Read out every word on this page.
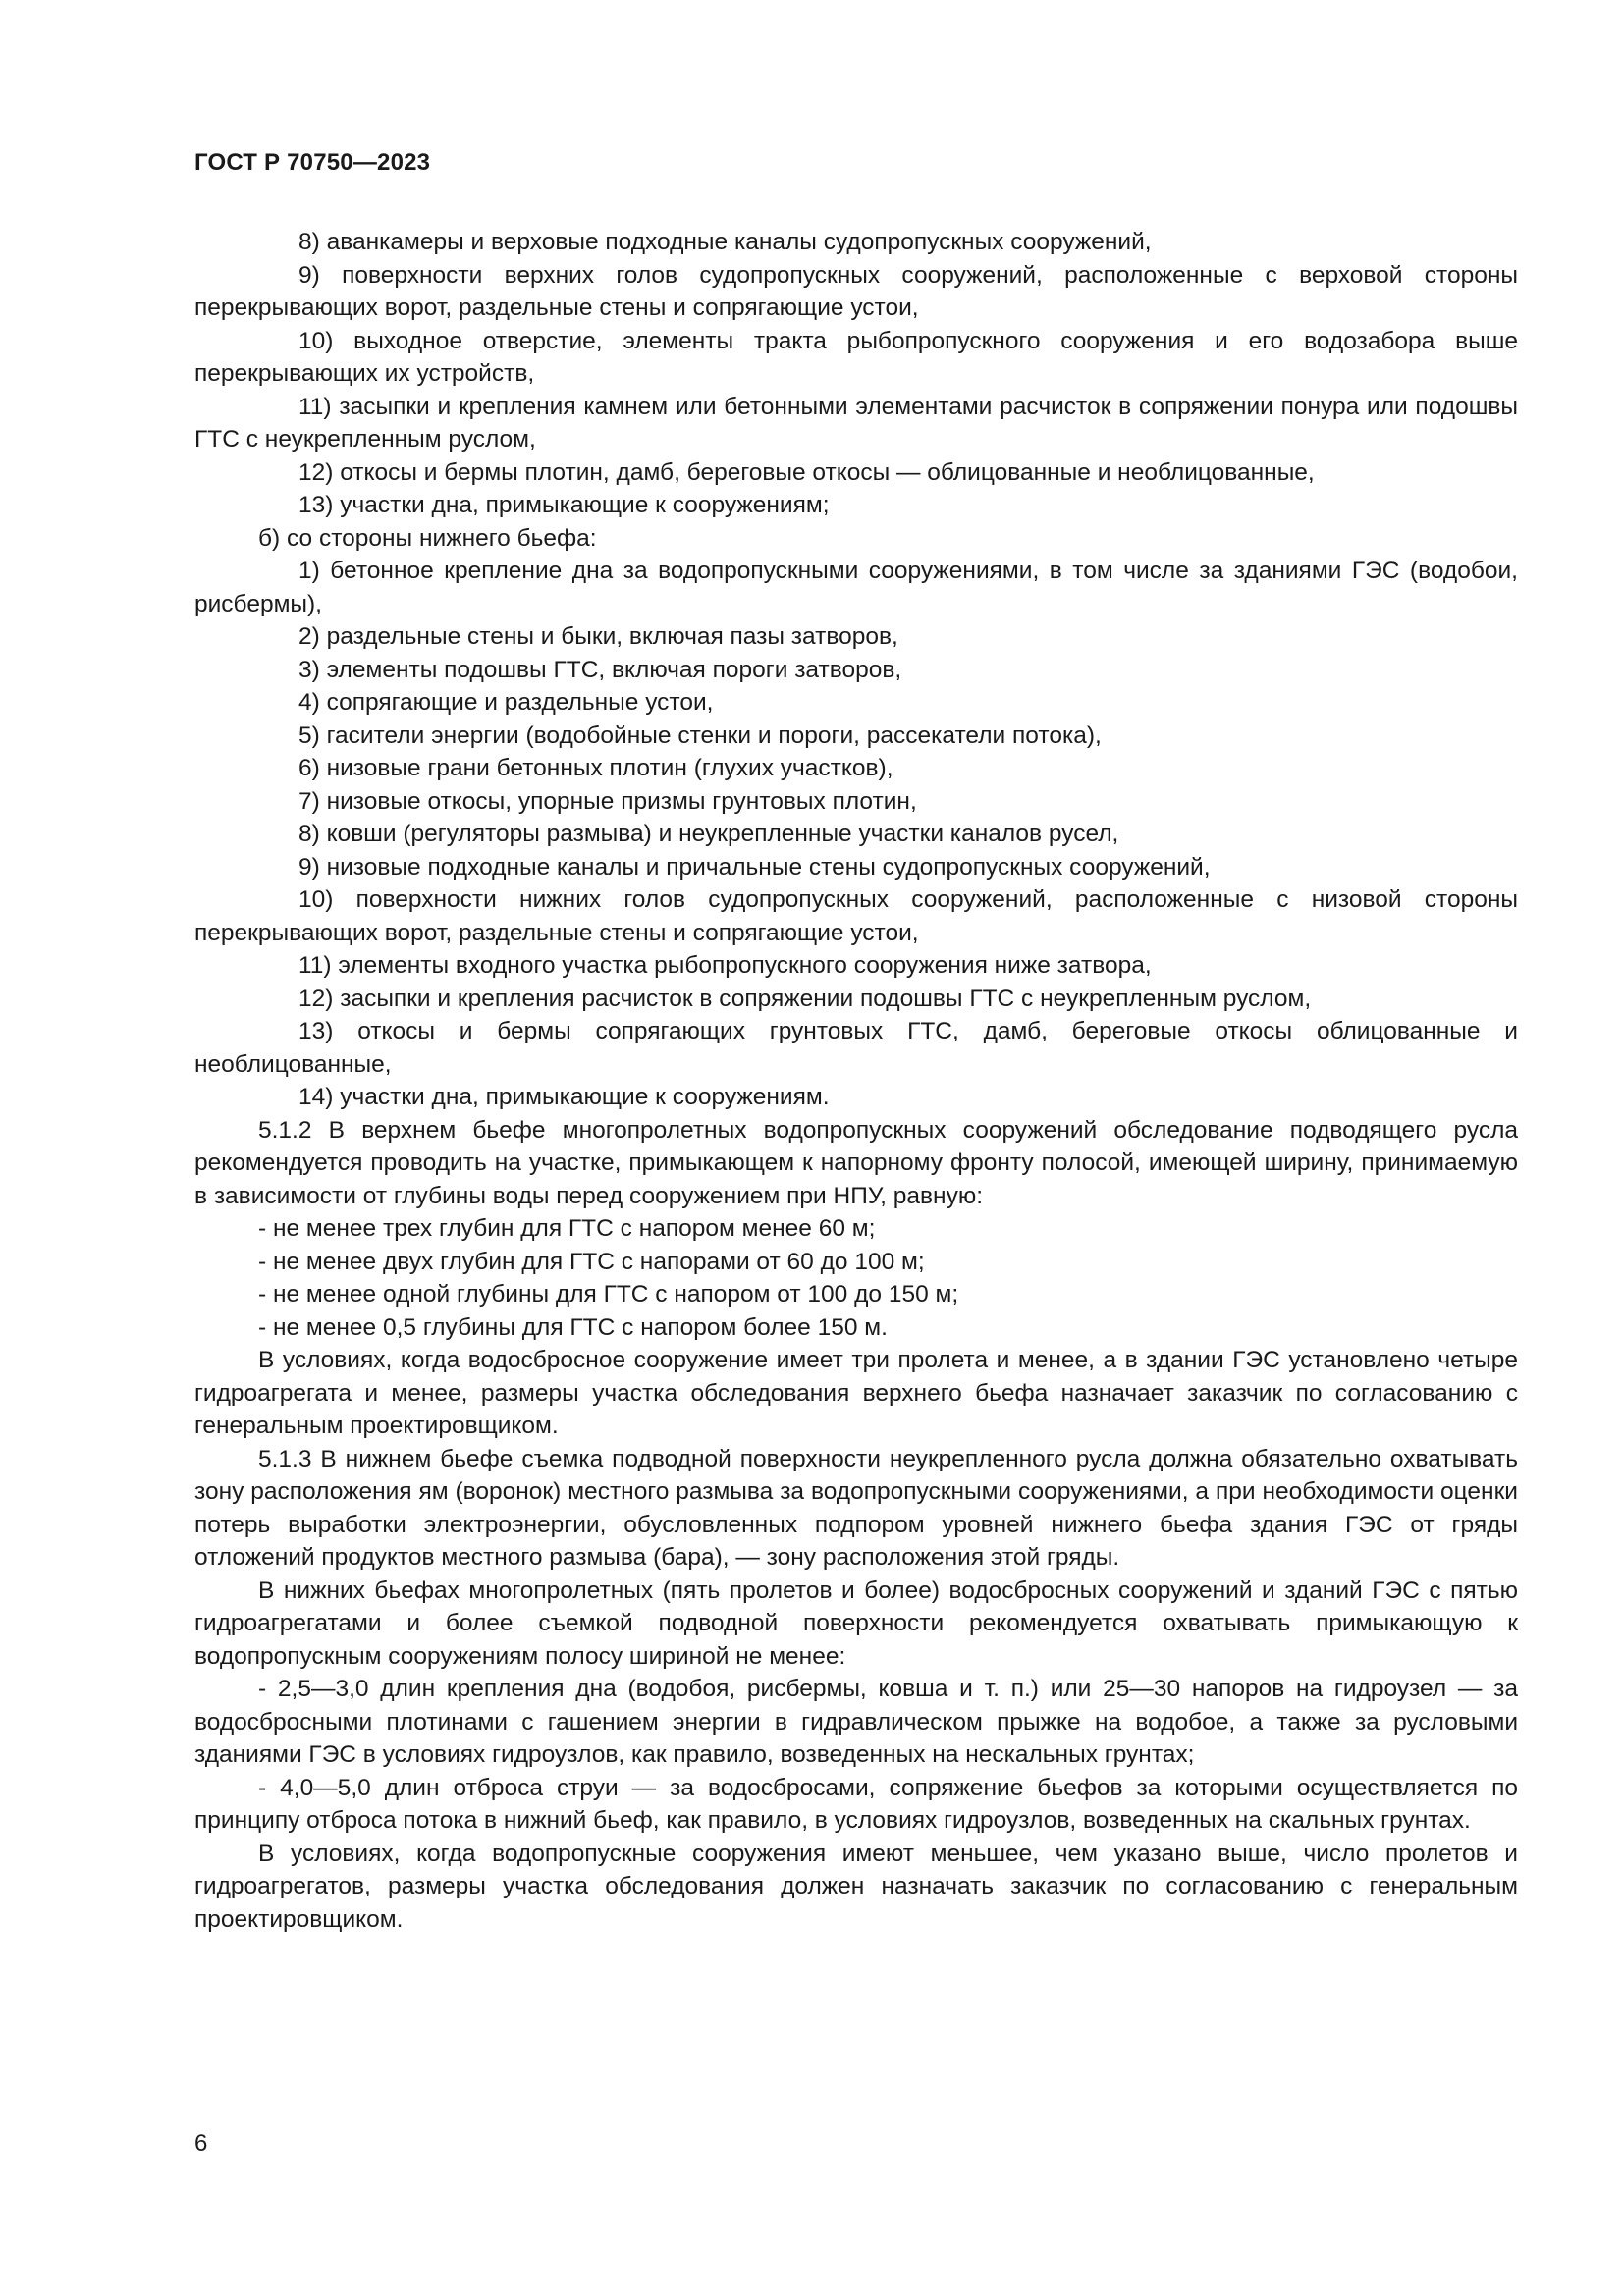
ГОСТ Р 70750—2023

8) аванкамеры и верховые подходные каналы судопропускных сооружений,

9) поверхности верхних голов судопропускных сооружений, расположенные с верховой стороны перекрывающих ворот, раздельные стены и сопрягающие устои,

10) выходное отверстие, элементы тракта рыбопропускного сооружения и его водозабора выше перекрывающих их устройств,

11) засыпки и крепления камнем или бетонными элементами расчисток в сопряжении понура или подошвы ГТС с неукрепленным руслом,

12) откосы и бермы плотин, дамб, береговые откосы — облицованные и необлицованные,

13) участки дна, примыкающие к сооружениям;

б) со стороны нижнего бьефа:

1) бетонное крепление дна за водопропускными сооружениями, в том числе за зданиями ГЭС (водобои, рисбермы),

2) раздельные стены и быки, включая пазы затворов,

3) элементы подошвы ГТС, включая пороги затворов,

4) сопрягающие и раздельные устои,

5) гасители энергии (водобойные стенки и пороги, рассекатели потока),

6) низовые грани бетонных плотин (глухих участков),

7) низовые откосы, упорные призмы грунтовых плотин,

8) ковши (регуляторы размыва) и неукрепленные участки каналов русел,

9) низовые подходные каналы и причальные стены судопропускных сооружений,

10) поверхности нижних голов судопропускных сооружений, расположенные с низовой стороны перекрывающих ворот, раздельные стены и сопрягающие устои,

11) элементы входного участка рыбопропускного сооружения ниже затвора,

12) засыпки и крепления расчисток в сопряжении подошвы ГТС с неукрепленным руслом,

13) откосы и бермы сопрягающих грунтовых ГТС, дамб, береговые откосы облицованные и необлицованные,

14) участки дна, примыкающие к сооружениям.

5.1.2 В верхнем бьефе многопролетных водопропускных сооружений обследование подводящего русла рекомендуется проводить на участке, примыкающем к напорному фронту полосой, имеющей ширину, принимаемую в зависимости от глубины воды перед сооружением при НПУ, равную:

- не менее трех глубин для ГТС с напором менее 60 м;

- не менее двух глубин для ГТС с напорами от 60 до 100 м;

- не менее одной глубины для ГТС с напором от 100 до 150 м;

- не менее 0,5 глубины для ГТС с напором более 150 м.

В условиях, когда водосбросное сооружение имеет три пролета и менее, а в здании ГЭС установлено четыре гидроагрегата и менее, размеры участка обследования верхнего бьефа назначает заказчик по согласованию с генеральным проектировщиком.

5.1.3 В нижнем бьефе съемка подводной поверхности неукрепленного русла должна обязательно охватывать зону расположения ям (воронок) местного размыва за водопропускными сооружениями, а при необходимости оценки потерь выработки электроэнергии, обусловленных подпором уровней нижнего бьефа здания ГЭС от гряды отложений продуктов местного размыва (бара), — зону расположения этой гряды.

В нижних бьефах многопролетных (пять пролетов и более) водосбросных сооружений и зданий ГЭС с пятью гидроагрегатами и более съемкой подводной поверхности рекомендуется охватывать примыкающую к водопропускным сооружениям полосу шириной не менее:

- 2,5—3,0 длин крепления дна (водобоя, рисбермы, ковша и т. п.) или 25—30 напоров на гидроузел — за водосбросными плотинами с гашением энергии в гидравлическом прыжке на водобое, а также за русловыми зданиями ГЭС в условиях гидроузлов, как правило, возведенных на нескальных грунтах;

- 4,0—5,0 длин отброса струи — за водосбросами, сопряжение бьефов за которыми осуществляется по принципу отброса потока в нижний бьеф, как правило, в условиях гидроузлов, возведенных на скальных грунтах.

В условиях, когда водопропускные сооружения имеют меньшее, чем указано выше, число пролетов и гидроагрегатов, размеры участка обследования должен назначать заказчик по согласованию с генеральным проектировщиком.

6
